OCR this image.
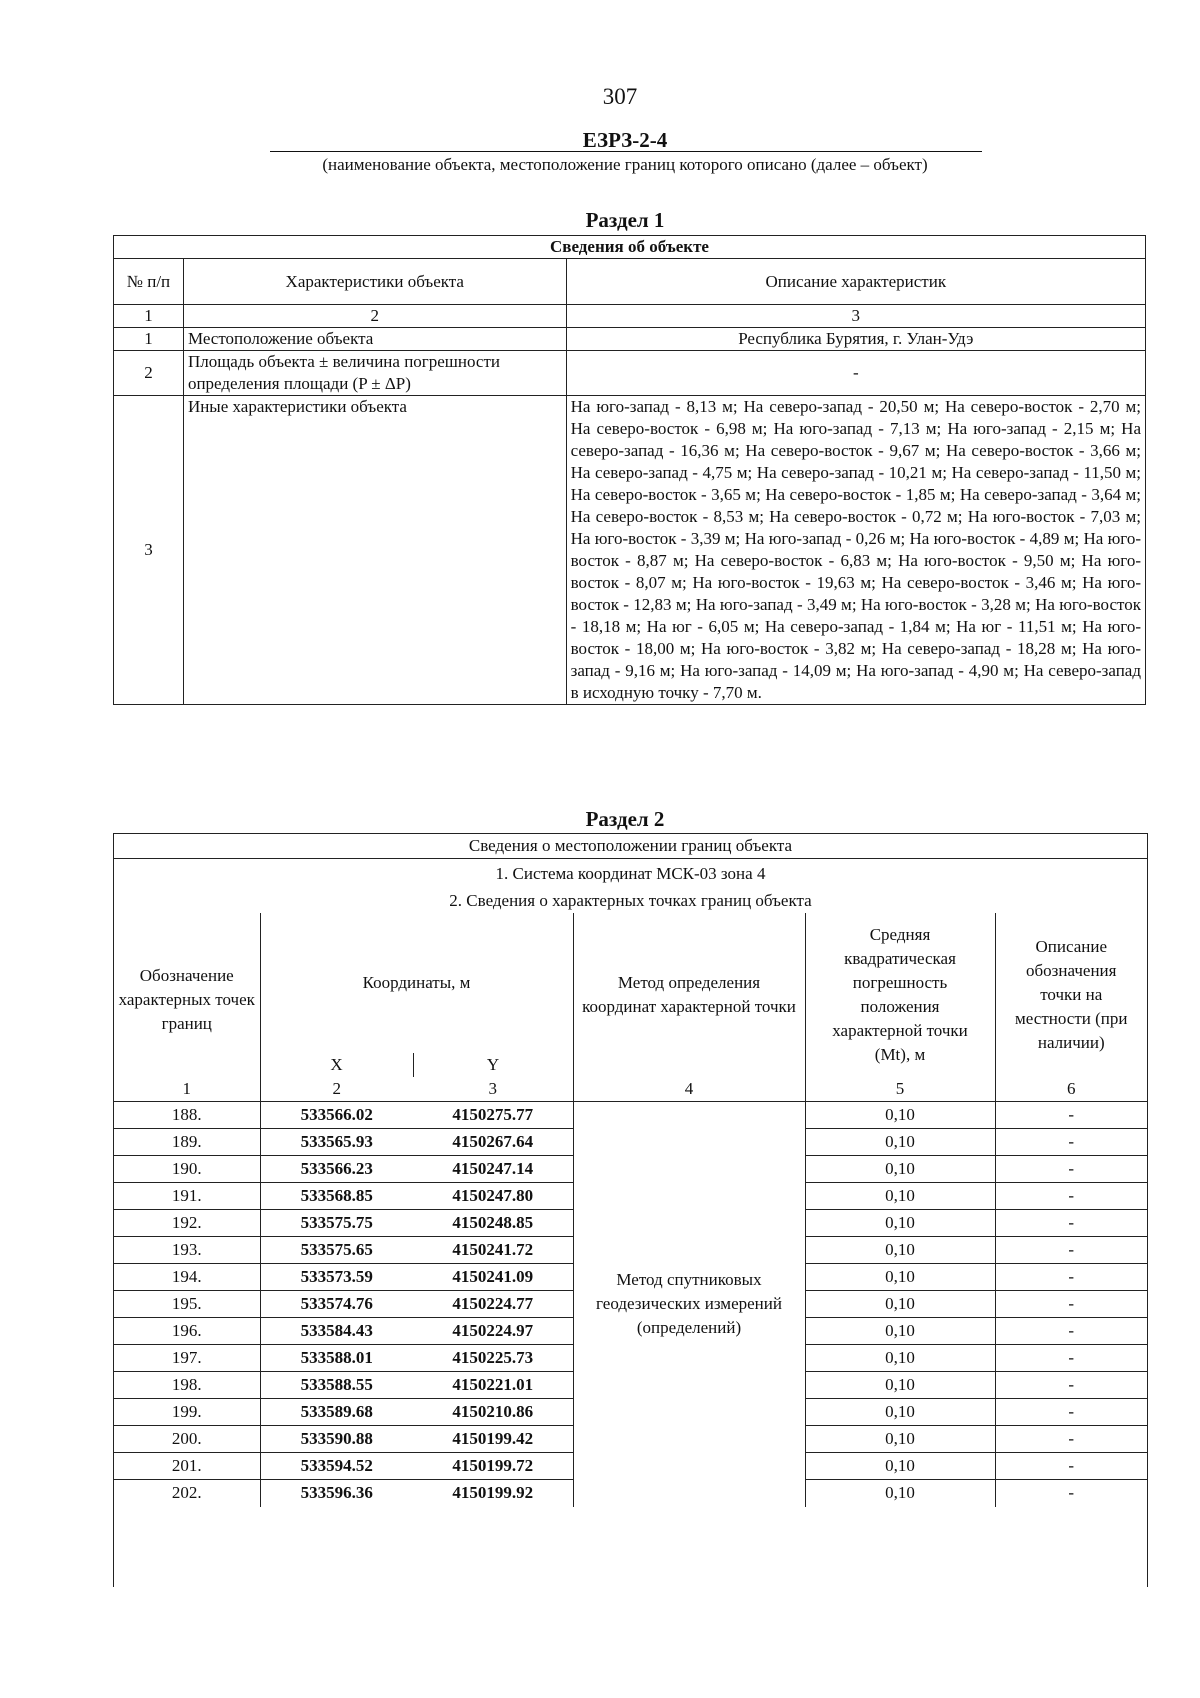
307
ЕЗРЗ-2-4
(наименование объекта, местоположение границ которого описано (далее – объект)
Раздел 1
Сведения об объекте		
№ п/п	Характеристики объекта	Описание характеристик
1	2	3
1	Местоположение объекта	Республика Бурятия, г. Улан-Удэ
2	Площадь объекта ± величина погрешности определения площади (P ± ΔP)	-
3	Иные характеристики объекта	На юго-запад - 8,13 м; На северо-запад - 20,50 м; На северо-восток - 2,70 м; На северо-восток - 6,98 м; На юго-запад - 7,13 м; На юго-запад - 2,15 м; На северо-запад - 16,36 м; На северо-восток - 9,67 м; На северо-восток - 3,66 м; На северо-запад - 4,75 м; На северо-запад - 10,21 м; На северо-запад - 11,50 м; На северо-восток - 3,65 м; На северо-восток - 1,85 м; На северо-запад - 3,64 м; На северо-восток - 8,53 м; На северо-восток - 0,72 м; На юго-восток - 7,03 м; На юго-восток - 3,39 м; На юго-запад - 0,26 м; На юго-восток - 4,89 м; На юго-восток - 8,87 м; На северо-восток - 6,83 м; На юго-восток - 9,50 м; На юго-восток - 8,07 м; На юго-восток - 19,63 м; На северо-восток - 3,46 м; На юго-восток - 12,83 м; На юго-запад - 3,49 м; На юго-восток - 3,28 м; На юго-восток - 18,18 м; На юг - 6,05 м; На северо-запад - 1,84 м; На юг - 11,51 м; На юго-восток - 18,00 м; На юго-восток - 3,82 м; На северо-запад - 18,28 м; На юго-запад - 9,16 м; На юго-запад - 14,09 м; На юго-запад - 4,90 м; На северо-запад в исходную точку - 7,70 м.
Раздел 2
Сведения о местоположении границ объекта					
1. Система координат МСК-03 зона 4					
2. Сведения о характерных точках границ объекта					
Обозначение характерных точек границ	Координаты, м		Метод определения координат характерной точки	Средняя квадратическая погрешность положения характерной точки (Mt), м	Описание обозначения точки на местности (при наличии)
	X	Y			
1	2	3	4	5	6
188.	533566.02	4150275.77	Метод спутниковых геодезических измерений (определений)	0,10	-
189.	533565.93	4150267.64		0,10	-
190.	533566.23	4150247.14		0,10	-
191.	533568.85	4150247.80		0,10	-
192.	533575.75	4150248.85		0,10	-
193.	533575.65	4150241.72		0,10	-
194.	533573.59	4150241.09		0,10	-
195.	533574.76	4150224.77		0,10	-
196.	533584.43	4150224.97		0,10	-
197.	533588.01	4150225.73		0,10	-
198.	533588.55	4150221.01		0,10	-
199.	533589.68	4150210.86		0,10	-
200.	533590.88	4150199.42		0,10	-
201.	533594.52	4150199.72		0,10	-
202.	533596.36	4150199.92		0,10	-
